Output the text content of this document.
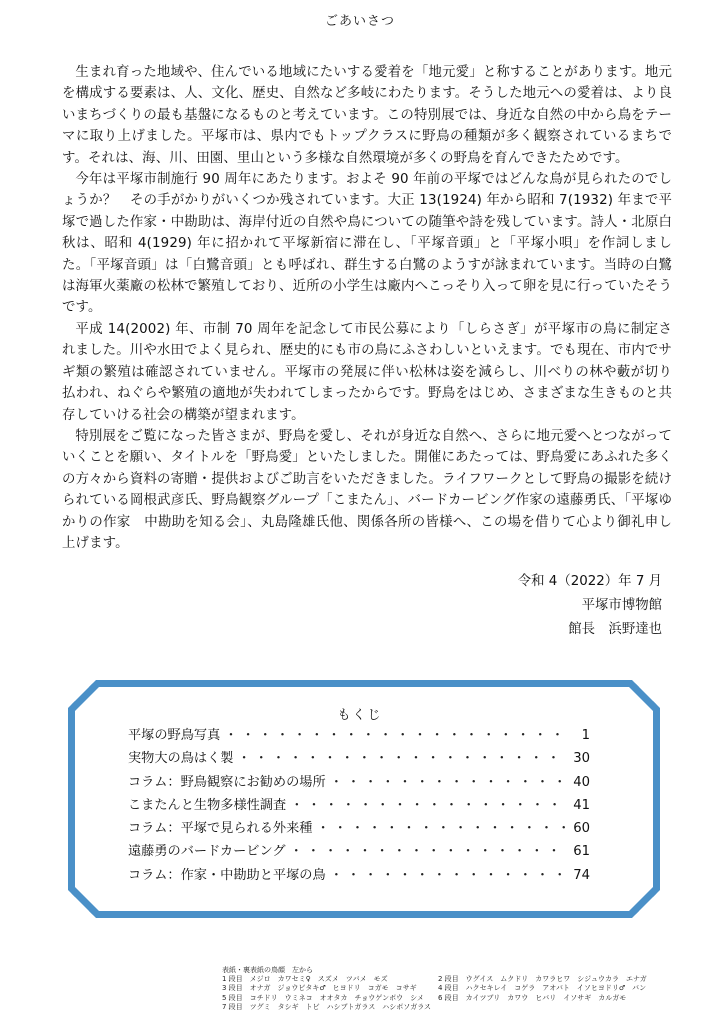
ごあいさつ

生まれ育った地域や、住んでいる地域にたいする愛着を「地元愛」と称することがあります。地元を構成する要素は、人、文化、歴史、自然など多岐にわたります。そうした地元への愛着は、より良いまちづくりの最も基盤になるものと考えています。この特別展では、身近な自然の中から鳥をテーマに取り上げました。平塚市は、県内でもトップクラスに野鳥の種類が多く観察されているまちです。それは、海、川、田園、里山という多様な自然環境が多くの野鳥を育んできたためです。

今年は平塚市制施行 90 周年にあたります。およそ 90 年前の平塚ではどんな鳥が見られたのでしょうか？　その手がかりがいくつか残されています。大正 13(1924) 年から昭和 7(1932) 年まで平塚で過した作家・中勘助は、海岸付近の自然や鳥についての随筆や詩を残しています。詩人・北原白秋は、昭和 4(1929) 年に招かれて平塚新宿に滞在し、「平塚音頭」と「平塚小唄」を作詞しました。「平塚音頭」は「白鷺音頭」とも呼ばれ、群生する白鷺のようすが詠まれています。当時の白鷺は海軍火薬廠の松林で繁殖しており、近所の小学生は廠内へこっそり入って卵を見に行っていたそうです。

平成 14(2002) 年、市制 70 周年を記念して市民公募により「しらさぎ」が平塚市の鳥に制定されました。川や水田でよく見られ、歴史的にも市の鳥にふさわしいといえます。でも現在、市内でサギ類の繁殖は確認されていません。平塚市の発展に伴い松林は姿を減らし、川べりの林や藪が切り払われ、ねぐらや繁殖の適地が失われてしまったからです。野鳥をはじめ、さまざまな生きものと共存していける社会の構築が望まれます。

特別展をご覧になった皆さまが、野鳥を愛し、それが身近な自然へ、さらに地元愛へとつながっていくことを願い、タイトルを「野鳥愛」といたしました。開催にあたっては、野鳥愛にあふれた多くの方々から資料の寄贈・提供およびご助言をいただきました。ライフワークとして野鳥の撮影を続けられている岡根武彦氏、野鳥観察グループ「こまたん」、バードカービング作家の遠藤勇氏、「平塚ゆかりの作家　中勘助を知る会」、丸島隆雄氏他、関係各所の皆様へ、この場を借りて心より御礼申し上げます。

令和 4（2022）年 7 月
平塚市博物館
館長　浜野達也
もくじ
平塚の野鳥写真 ・・・・・・・・・・・・・・・・・・・・・・・・・・・・・・・・・・・・・・・・	1
実物大の鳥はく製 ・・・・・・・・・・・・・・・・・・・・・・・・・・・・・・・・・・・・・・・・	30
コラム：野鳥観察にお勧めの場所 ・・・・・・・・・・・・・・・・・・・・・・・・・・・・・・・・・・・・・・・・	40
こまたんと生物多様性調査 ・・・・・・・・・・・・・・・・・・・・・・・・・・・・・・・・・・・・・・・・	41
コラム：平塚で見られる外来種 ・・・・・・・・・・・・・・・・・・・・・・・・・・・・・・・・・・・・・・・・	60
遠藤勇のバードカービング ・・・・・・・・・・・・・・・・・・・・・・・・・・・・・・・・・・・・・・・・	61
コラム：作家・中勘助と平塚の鳥 ・・・・・・・・・・・・・・・・・・・・・・・・・・・・・・・・・・・・・・・・	74
表紙・裏表紙の鳥顔　左から
1 段目　メジロ　カワセミ♀　スズメ　ツバメ　モズ	2 段目　ウグイス　ムクドリ　カワラヒワ　シジュウカラ　エナガ
3 段目　オナガ　ジョウビタキ♂　ヒヨドリ　コガモ　コサギ	4 段目　ハクセキレイ　コゲラ　アオバト　イソヒヨドリ♂　バン
5 段目　コチドリ　ウミネコ　オオタカ　チョウゲンボウ　シメ	6 段目　カイツブリ　カワウ　ヒバリ　イソサギ　カルガモ
7 段目　ツグミ　タシギ　トビ　ハシブトガラス　ハシボソガラス
